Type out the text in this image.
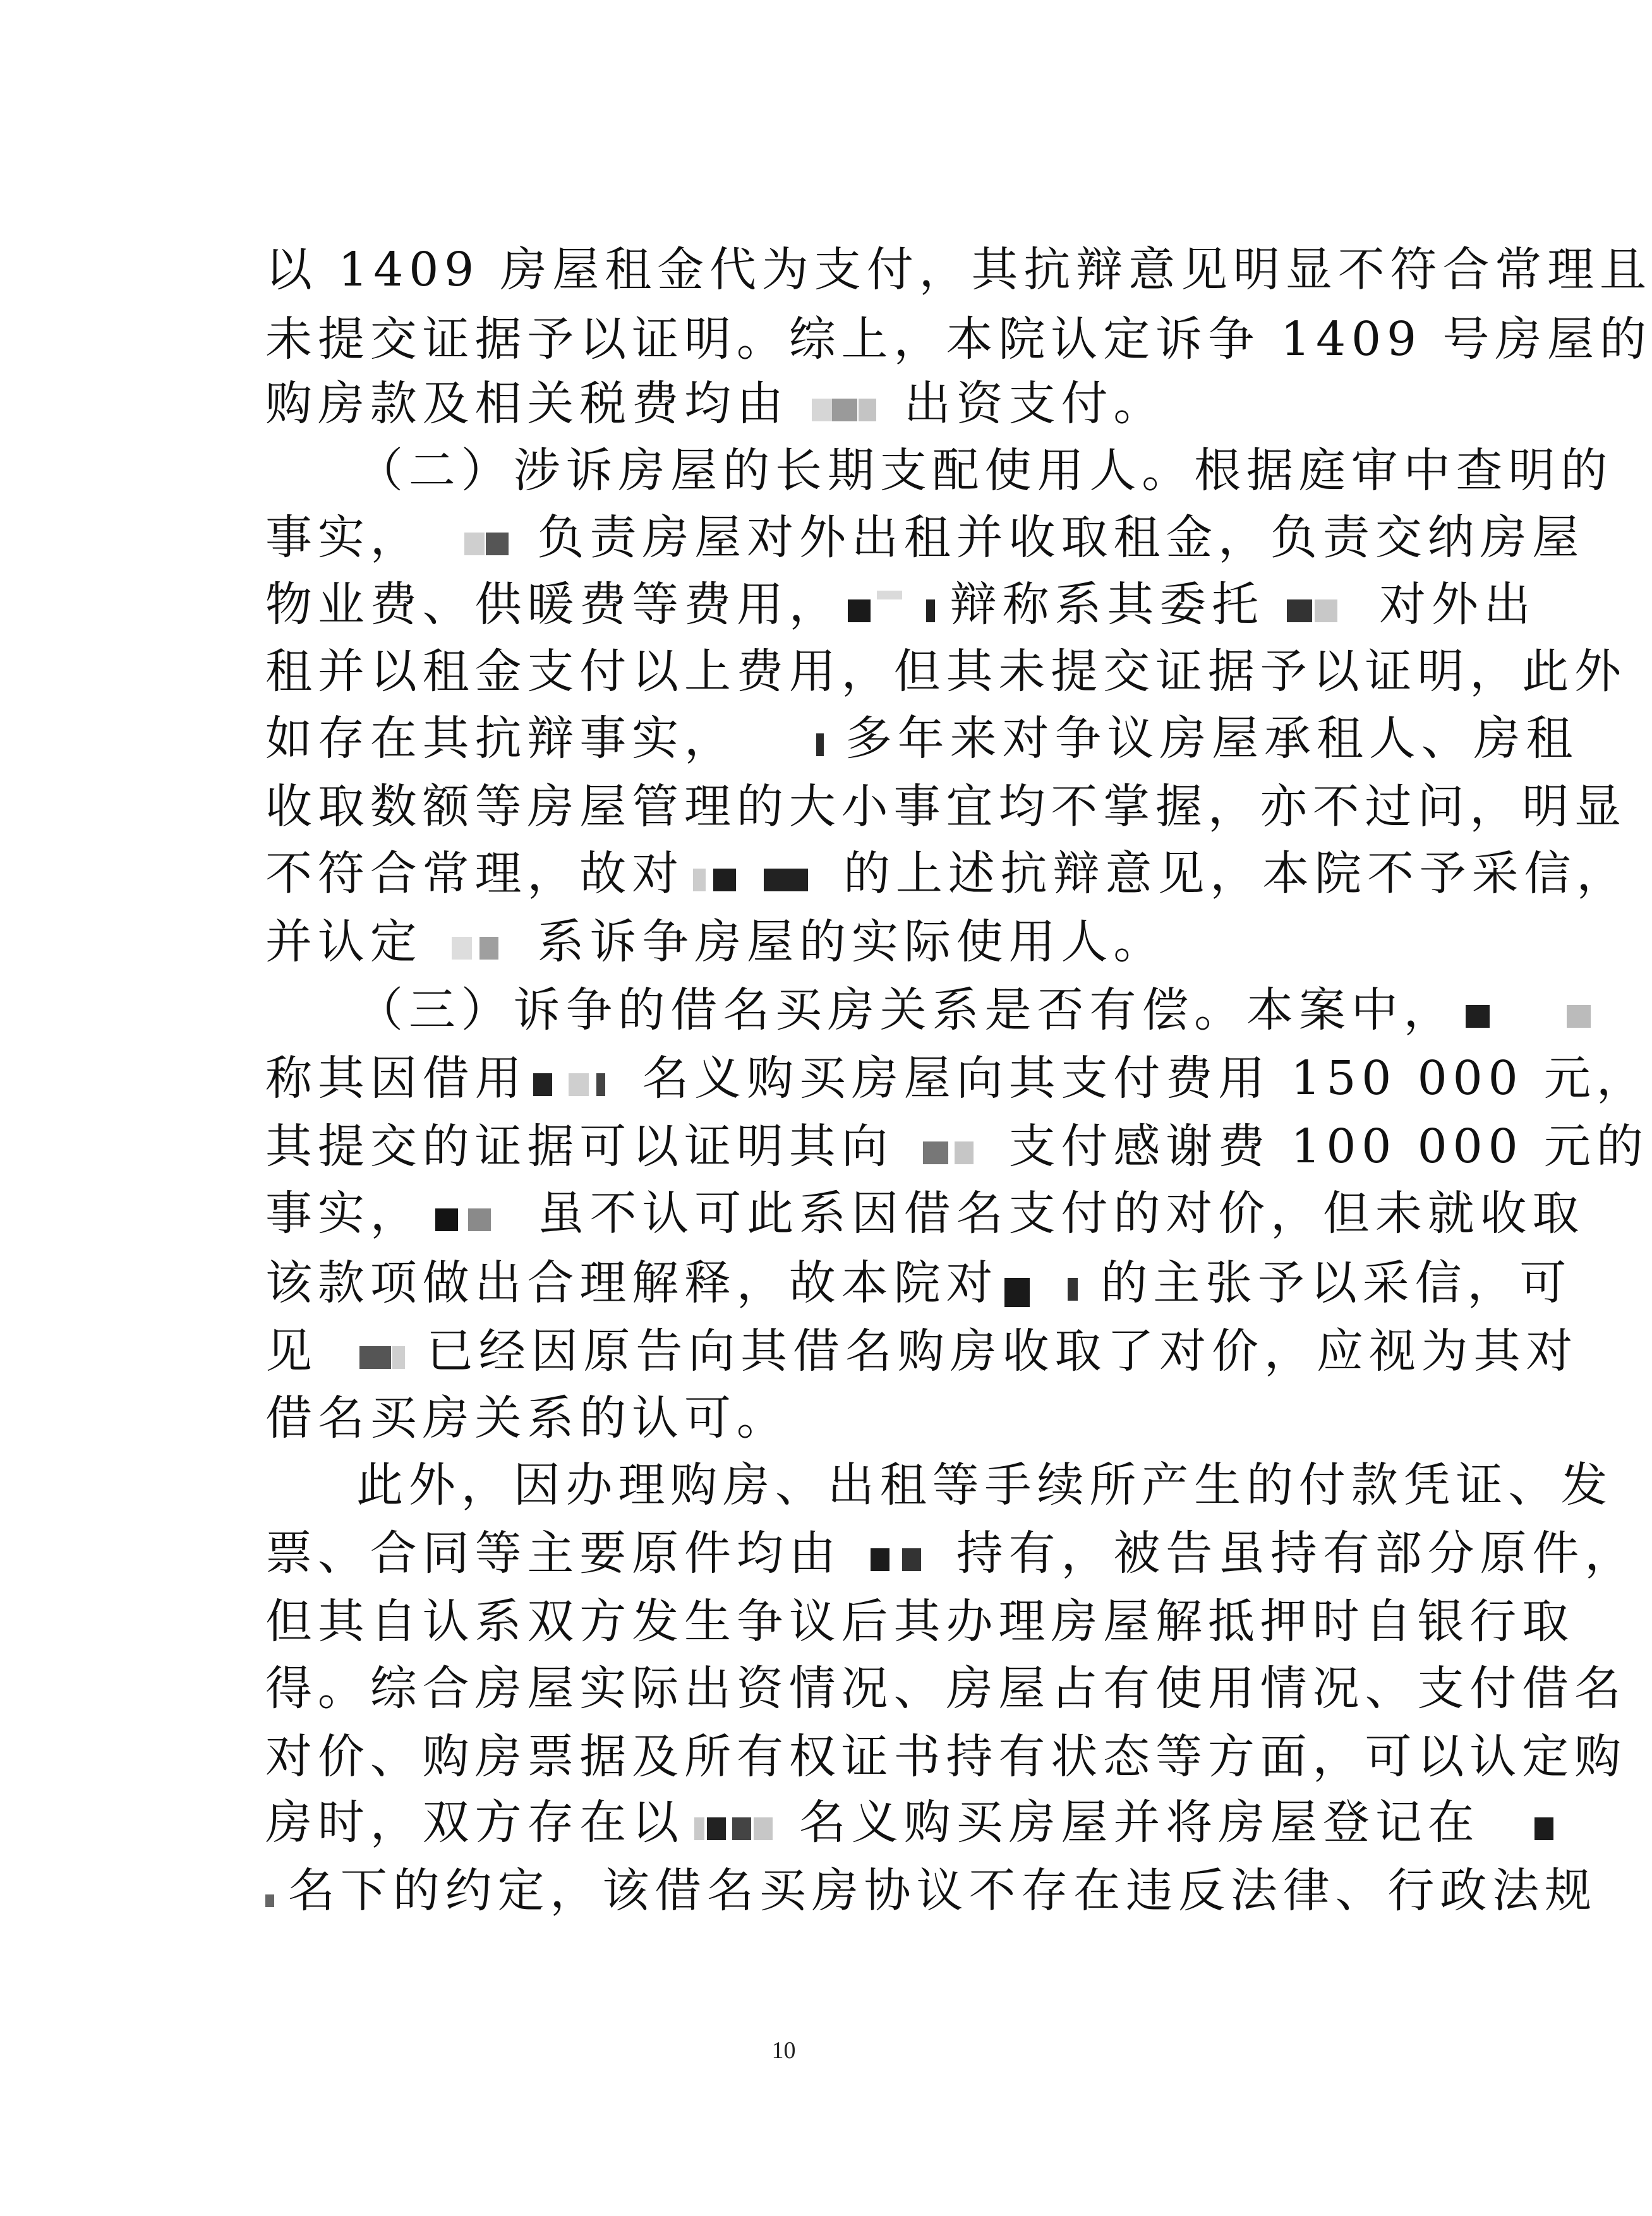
以 1409 房屋租金代为支付，其抗辩意见明显不符合常理且
未提交证据予以证明。综上，本院认定诉争 1409 号房屋的
购房款及相关税费均由 出资支付。
（二）涉诉房屋的长期支配使用人。根据庭审中查明的
事实， 负责房屋对外出租并收取租金，负责交纳房屋
物业费、供暖费等费用， 辩称系其委托 对外出
租并以租金支付以上费用，但其未提交证据予以证明，此外
如存在其抗辩事实， 多年来对争议房屋承租人、房租
收取数额等房屋管理的大小事宜均不掌握，亦不过问，明显
不符合常理，故对	的上述抗辩意见，本院不予采信，
并认定 系诉争房屋的实际使用人。
（三）诉争的借名买房关系是否有偿。本案中，
称其因借用 名义购买房屋向其支付费用 150 000 元，
其提交的证据可以证明其向 支付感谢费 100 000 元的
事实， 虽不认可此系因借名支付的对价，但未就收取
该款项做出合理解释，故本院对 的主张予以采信，可
见 已经因原告向其借名购房收取了对价，应视为其对
借名买房关系的认可。
此外，因办理购房、出租等手续所产生的付款凭证、发
票、合同等主要原件均由 持有，被告虽持有部分原件，
但其自认系双方发生争议后其办理房屋解抵押时自银行取
得。综合房屋实际出资情况、房屋占有使用情况、支付借名
对价、购房票据及所有权证书持有状态等方面，可以认定购
房时，双方存在以 名义购买房屋并将房屋登记在
名下的约定，该借名买房协议不存在违反法律、行政法规
10
